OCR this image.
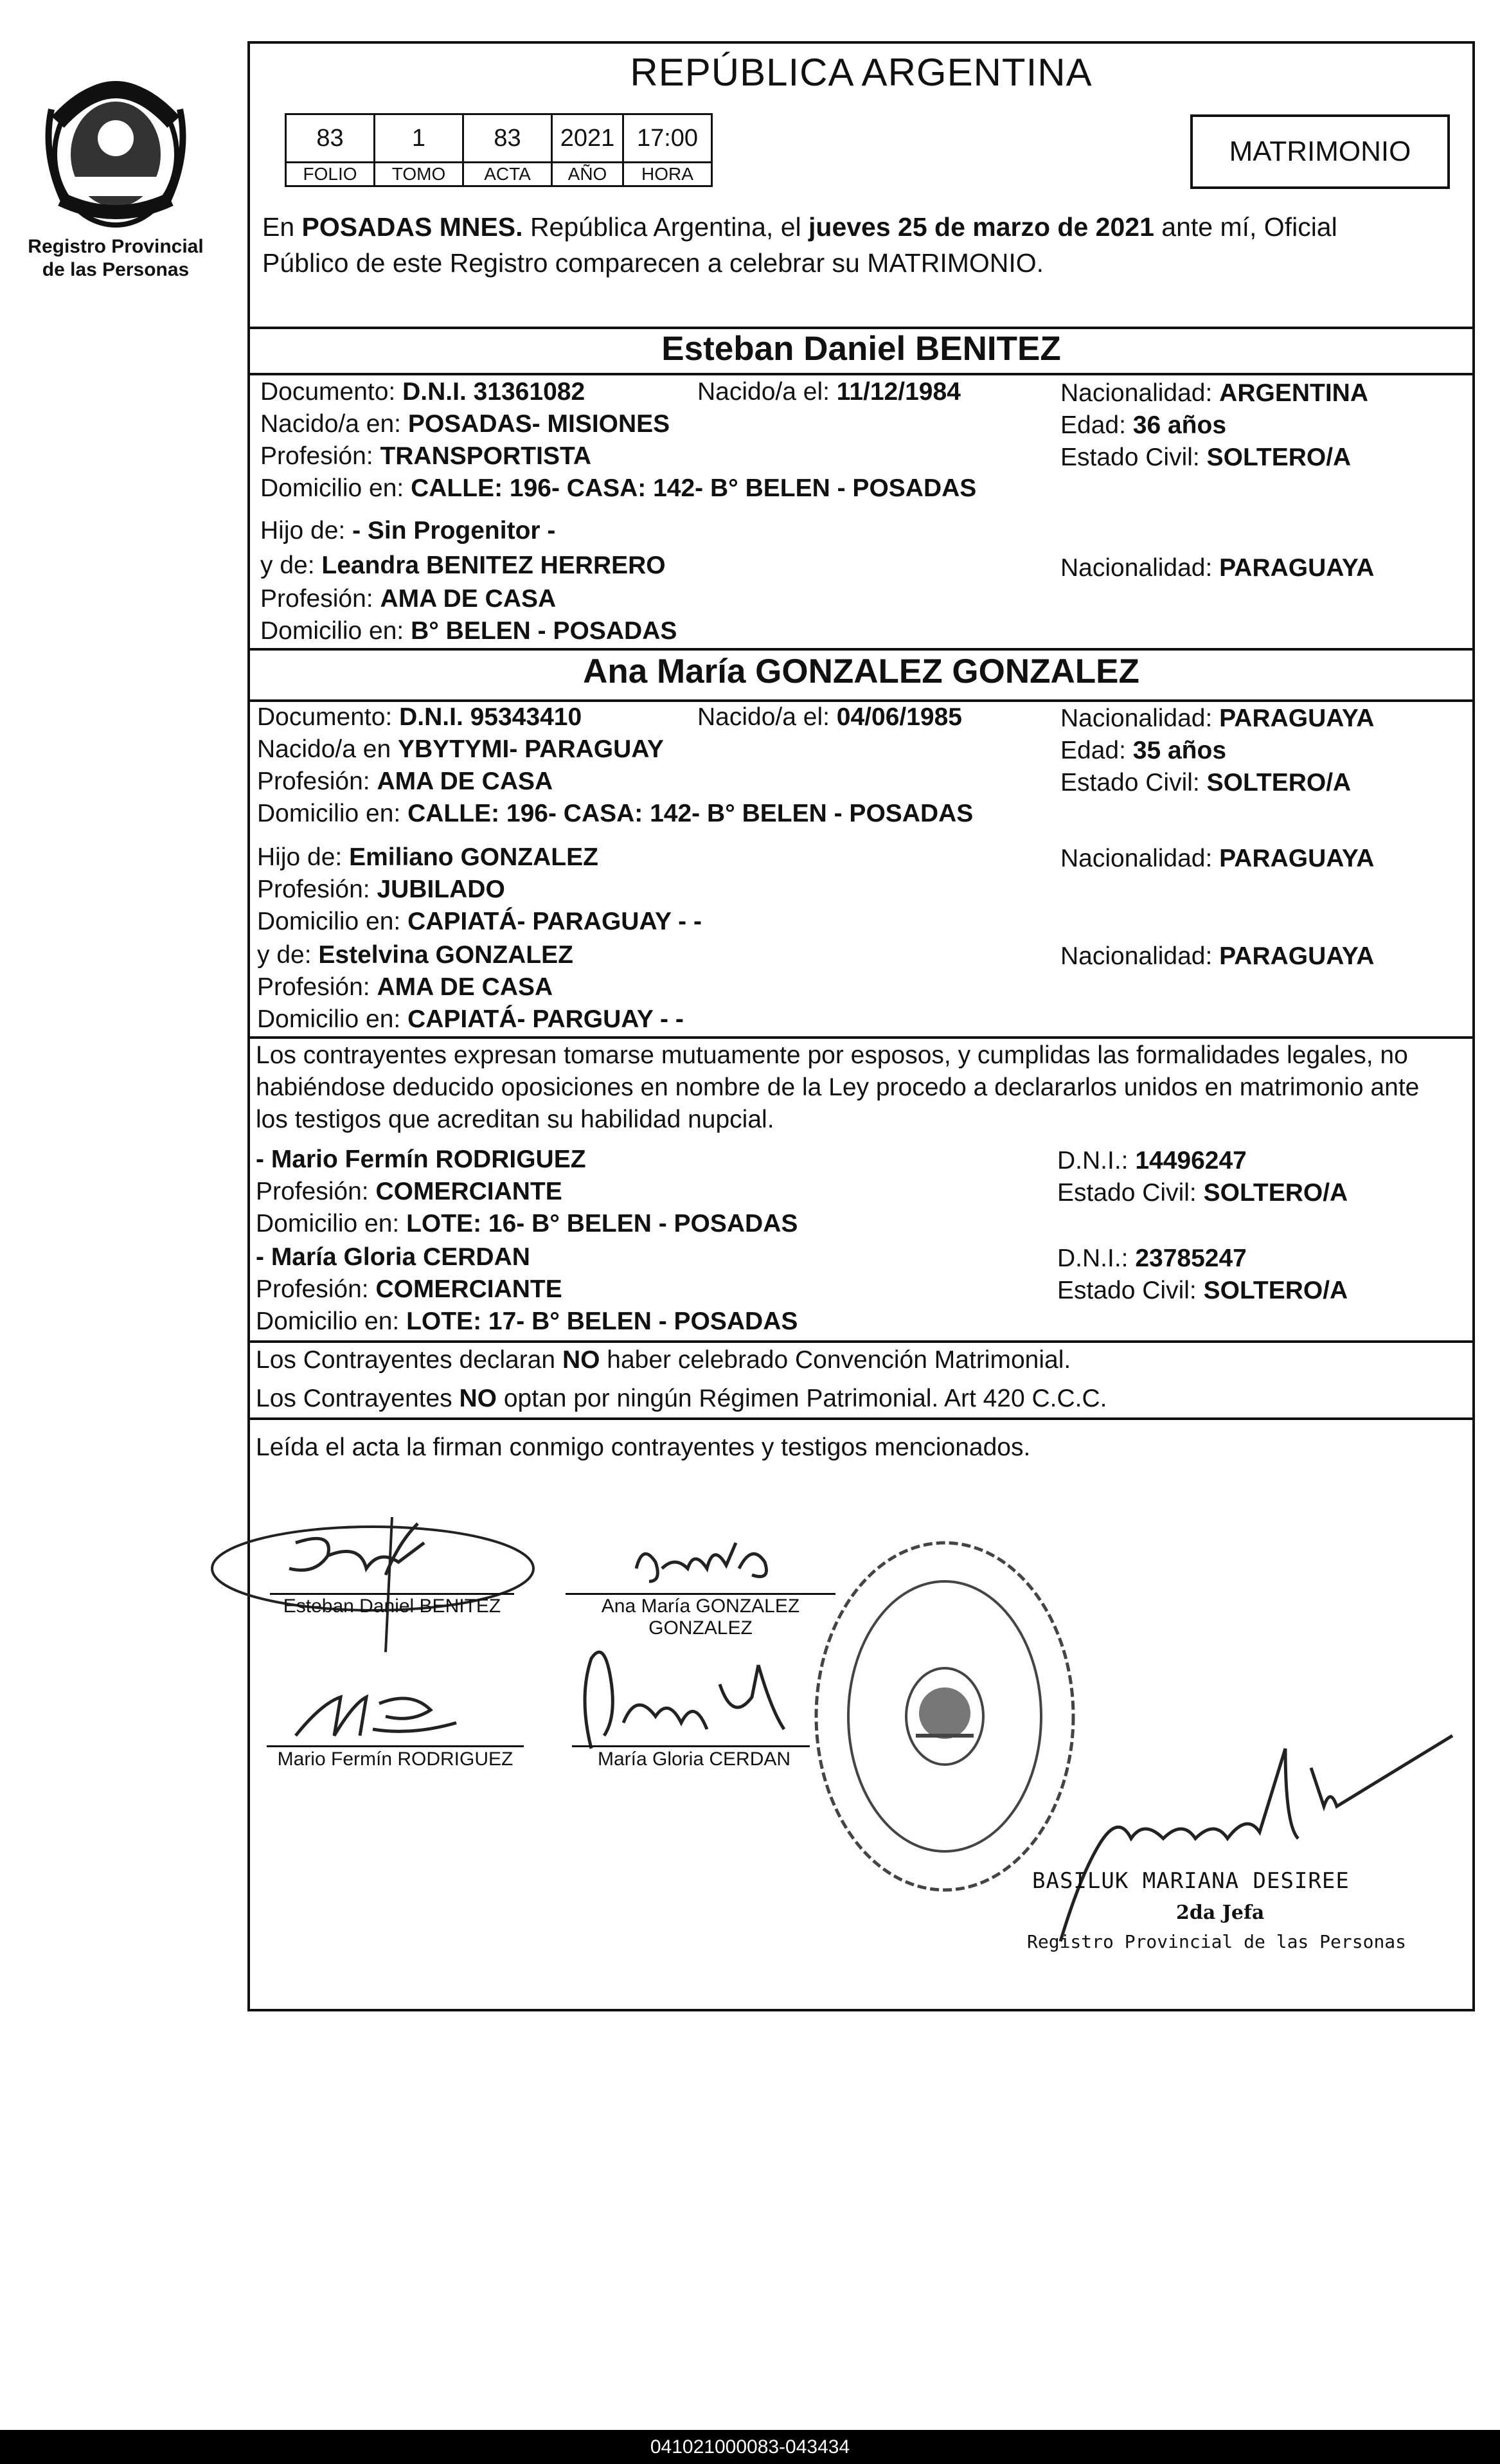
Registro Provincial
de las Personas
REPÚBLICA ARGENTINA
83	1	83	2021	17:00
FOLIO	TOMO	ACTA	AÑO	HORA
MATRIMONIO
En POSADAS MNES. República Argentina, el jueves 25 de marzo de 2021 ante mí, Oficial
Público de este Registro comparecen a celebrar su MATRIMONIO.
Esteban Daniel BENITEZ
Documento: D.N.I. 31361082	Nacido/a el: 11/12/1984	Nacionalidad: ARGENTINA
Nacido/a en: POSADAS- MISIONES	Edad: 36 años
Profesión: TRANSPORTISTA	Estado Civil: SOLTERO/A
Domicilio en: CALLE: 196- CASA: 142- B° BELEN - POSADAS
Hijo de: - Sin Progenitor -
y de: Leandra BENITEZ HERRERO	Nacionalidad: PARAGUAYA
Profesión: AMA DE CASA
Domicilio en: B° BELEN - POSADAS
Ana María GONZALEZ GONZALEZ
Documento: D.N.I. 95343410	Nacido/a el: 04/06/1985	Nacionalidad: PARAGUAYA
Nacido/a en YBYTYMI- PARAGUAY	Edad: 35 años
Profesión: AMA DE CASA	Estado Civil: SOLTERO/A
Domicilio en: CALLE: 196- CASA: 142- B° BELEN - POSADAS
Hijo de: Emiliano GONZALEZ	Nacionalidad: PARAGUAYA
Profesión: JUBILADO
Domicilio en: CAPIATÁ- PARAGUAY - -
y de: Estelvina GONZALEZ	Nacionalidad: PARAGUAYA
Profesión: AMA DE CASA
Domicilio en: CAPIATÁ- PARGUAY - -
Los contrayentes expresan tomarse mutuamente por esposos, y cumplidas las formalidades legales, no
habiéndose deducido oposiciones en nombre de la Ley procedo a declararlos unidos en matrimonio ante
los testigos que acreditan su habilidad nupcial.
- Mario Fermín RODRIGUEZ	D.N.I.: 14496247
Profesión: COMERCIANTE	Estado Civil: SOLTERO/A
Domicilio en: LOTE: 16- B° BELEN - POSADAS
- María Gloria CERDAN	D.N.I.: 23785247
Profesión: COMERCIANTE	Estado Civil: SOLTERO/A
Domicilio en: LOTE: 17- B° BELEN - POSADAS
Los Contrayentes declaran NO haber celebrado Convención Matrimonial.
Los Contrayentes NO optan por ningún Régimen Patrimonial. Art 420 C.C.C.
Leída el acta la firman conmigo contrayentes y testigos mencionados.
Esteban Daniel BENITEZ	Ana María GONZALEZ
GONZALEZ
Mario Fermín RODRIGUEZ	María Gloria CERDAN
BASILUK MARIANA DESIREE
2da Jefa
Registro Provincial de las Personas
041021000083-043434
